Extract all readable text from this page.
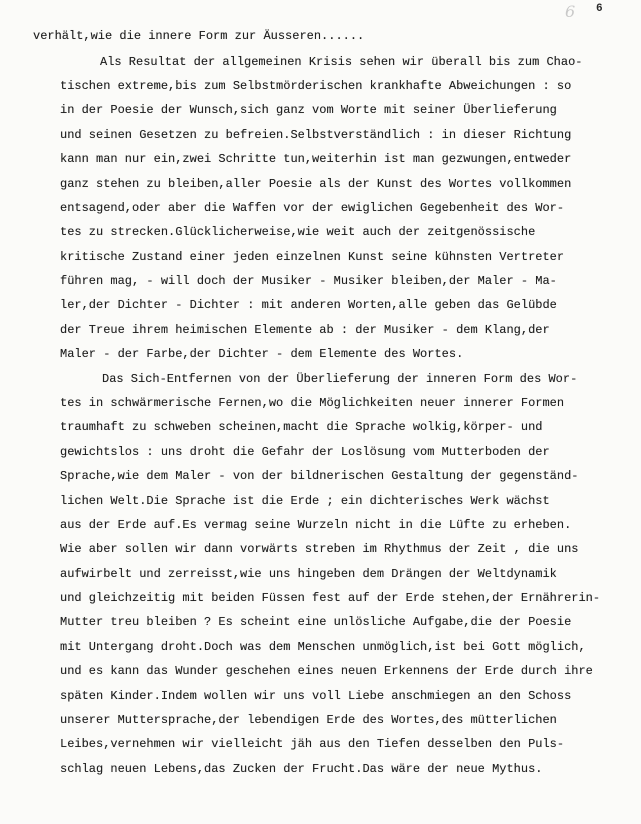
6 6
verhält,wie die innere Form zur Äusseren......
Als Resultat der allgemeinen Krisis sehen wir überall bis zum Chao-
tischen extreme,bis zum Selbstmörderischen krankhafte Abweichungen : so
in der Poesie der Wunsch,sich ganz vom Worte mit seiner Überlieferung
und seinen Gesetzen zu befreien.Selbstverständlich : in dieser Richtung
kann man nur ein,zwei Schritte tun,weiterhin ist man gezwungen,entweder
ganz stehen zu bleiben,aller Poesie als der Kunst des Wortes vollkommen
entsagend,oder aber die Waffen vor der ewiglichen Gegebenheit des Wor-
tes zu strecken.Glücklicherweise,wie weit auch der zeitgenössische
kritische Zustand einer jeden einzelnen Kunst seine kühnsten Vertreter
führen mag, - will doch der Musiker - Musiker bleiben,der Maler - Ma-
ler,der Dichter - Dichter : mit anderen Worten,alle geben das Gelübde
der Treue ihrem heimischen Elemente ab : der Musiker - dem Klang,der
Maler - der Farbe,der Dichter - dem Elemente des Wortes.
Das Sich-Entfernen von der Überlieferung der inneren Form des Wor-
tes in schwärmerische Fernen,wo die Möglichkeiten neuer innerer Formen
traumhaft zu schweben scheinen,macht die Sprache wolkig,körper- und
gewichtslos : uns droht die Gefahr der Loslösung vom Mutterboden der
Sprache,wie dem Maler - von der bildnerischen Gestaltung der gegenständ-
lichen Welt.Die Sprache ist die Erde ; ein dichterisches Werk wächst
aus der Erde auf.Es vermag seine Wurzeln nicht in die Lüfte zu erheben.
Wie aber sollen wir dann vorwärts streben im Rhythmus der Zeit , die uns
aufwirbelt und zerreisst,wie uns hingeben dem Drängen der Weltdynamik
und gleichzeitig mit beiden Füssen fest auf der Erde stehen,der Ernährerin-
Mutter treu bleiben ? Es scheint eine unlösliche Aufgabe,die der Poesie
mit Untergang droht.Doch was dem Menschen unmöglich,ist bei Gott möglich,
und es kann das Wunder geschehen eines neuen Erkennens der Erde durch ihre
späten Kinder.Indem wollen wir uns voll Liebe anschmiegen an den Schoss
unserer Muttersprache,der lebendigen Erde des Wortes,des mütterlichen
Leibes,vernehmen wir vielleicht jäh aus den Tiefen desselben den Puls-
schlag neuen Lebens,das Zucken der Frucht.Das wäre der neue Mythus.
